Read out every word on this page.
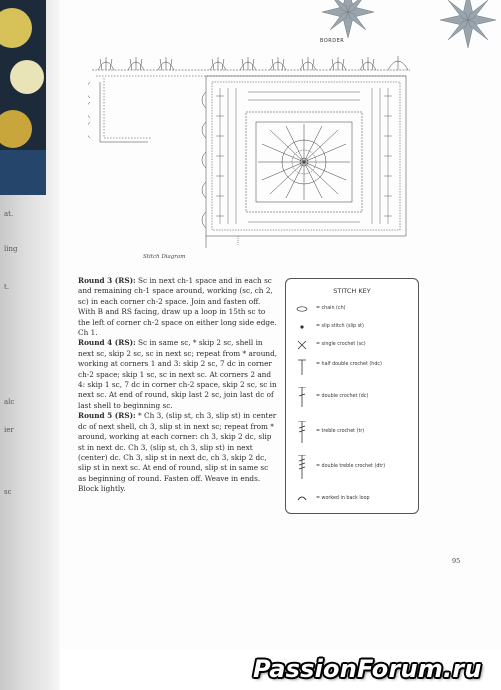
at.
ling
t.
alc
ier
sc
BORDER
Stitch Diagram

Round 3 (RS): Sc in next ch-1 space and in each sc and remaining ch-1 space around, working (sc, ch 2, sc) in each corner ch-2 space. Join and fasten off. With B and RS facing, draw up a loop in 15th sc to the left of corner ch-2 space on either long side edge. Ch 1.

Round 4 (RS): Sc in same sc, * skip 2 sc, shell in next sc, skip 2 sc, sc in next sc; repeat from * around, working at corners 1 and 3: skip 2 sc, 7 dc in corner ch-2 space; skip 1 sc, sc in next sc. At corners 2 and 4: skip 1 sc, 7 dc in corner ch-2 space, skip 2 sc, sc in next sc. At end of round, skip last 2 sc, join last dc of last shell to beginning sc.

Round 5 (RS): * Ch 3, (slip st, ch 3, slip st) in center dc of next shell, ch 3, slip st in next sc; repeat from * around, working at each corner: ch 3, skip 2 dc, slip st in next dc. Ch 3, (slip st, ch 3, slip st) in next (center) dc. Ch 3, slip st in next dc, ch 3, skip 2 dc, slip st in next sc. At end of round, slip st in same sc as beginning of round. Fasten off. Weave in ends. Block lightly.

STITCH KEY
= chain (ch)
= slip stitch (slip st)
= single crochet (sc)
= half double crochet (hdc)
= double crochet (dc)
= treble crochet (tr)
= double treble crochet (dtr)
= worked in back loop
95
PassionForum.ru
